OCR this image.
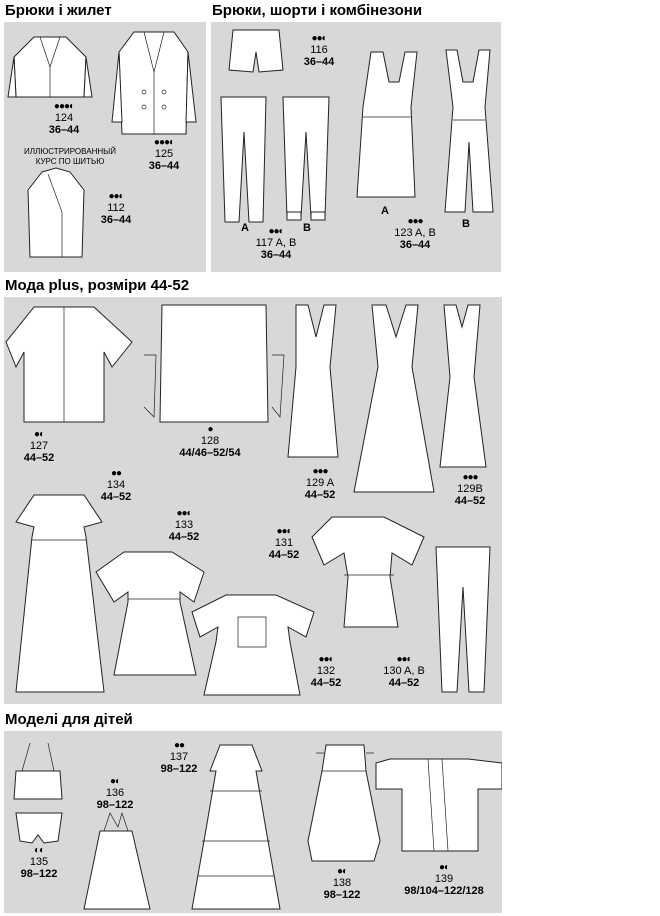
Брюки і жилет	Брюки, шорти і комбінезони
Мода plus, розміри 44-52
Моделі для дітей
●●●◐
124
36–44
●●●◐
125
36–44
ИЛЛЮСТРИРОВАННЫЙ КУРС ПО ШИТЬЮ
●●◐
112
36–44
●●◐
116
36–44
A	B
●●◐
117 A, B
36–44
A
B
●●●
123 A, B
36–44
●◐
127
44–52
●
128
44/46–52/54
●●●
129 A
44–52
●●●
129B
44–52
●●
134
44–52
●●◐
133
44–52	●●◐
131
44–52
●●◐
132
44–52
●●◐
130 A, B
44–52
◐◐
135
98–122
●◐
136
98–122
●●
137
98–122
●◐
138
98–122
●◐
139
98/104–122/128
